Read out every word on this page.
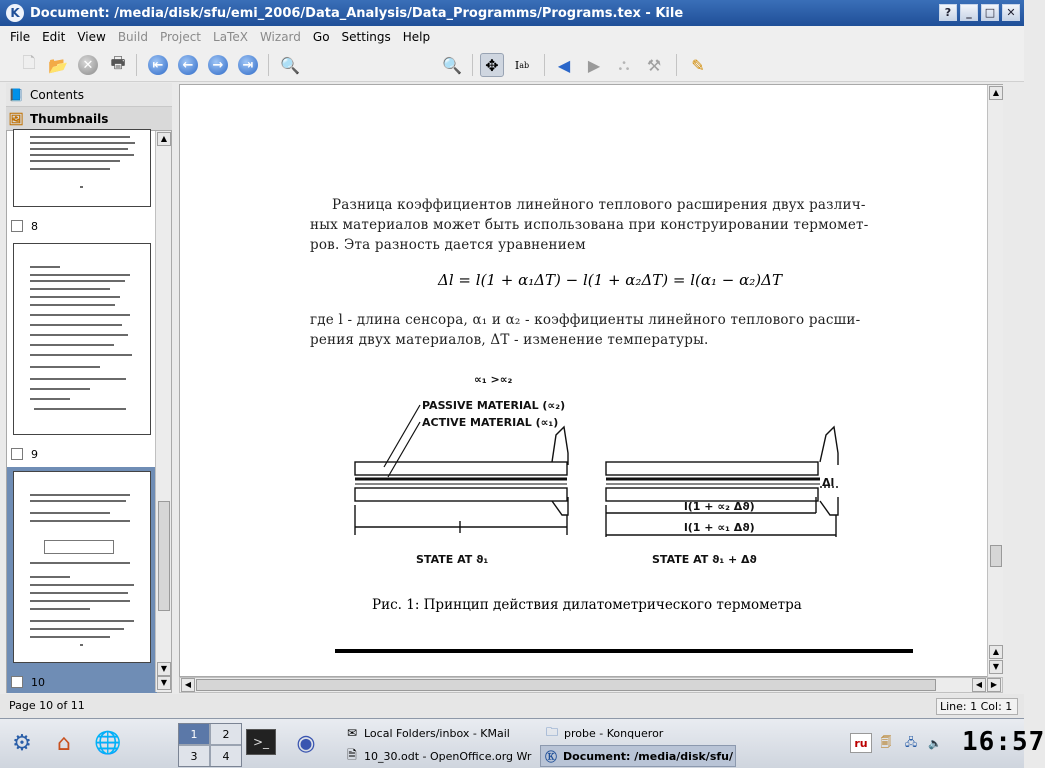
K Document: /media/disk/sfu/emi_2006/Data_Analysis/Data_Programms/Programs.tex - Kile	?	_	□	✕
File	Edit	View	Build	Project	LaTeX	Wizard	Go	Settings	Help
🗋 📂	✕ 🖶	⇤	←	→	⇥ 🔍	🔍	✥	I ab	◀	▶	⛬	⚒	✎
📘 Contents
🖼 Thumbnails
8
9
10
▲
▼
▼
Разница коэффициентов линейного теплового расширения двух различ-
ных материалов может быть использована при конструировании термомет-
ров. Эта разность дается уравнением
Δl = l(1 + α₁ΔT) − l(1 + α₂ΔT) = l(α₁ − α₂)ΔT
где l - длина сенсора, α₁ и α₂ - коэффициенты линейного теплового расши-
рения двух материалов, ΔT - изменение температуры.
∝₁ >∝₂
PASSIVE MATERIAL (∝₂)
ACTIVE MATERIAL (∝₁)
Δl
l(1 + ∝₂ Δϑ)
l(1 + ∝₁ Δϑ)
STATE AT ϑ₁	STATE AT ϑ₁ + Δϑ
Рис. 1: Принцип действия дилатометрического термометра
▲
▲
▼
◀	◀	▶
Page 10 of 11	Line: 1 Col: 1
⚙	⌂	🌐	1	2
3	4
>_	◉	✉ Local Folders/inbox - KMail	🗀 probe - Konqueror
🗎 10_30.odt - OpenOffice.org Wr Ⓚ Document: /media/disk/sfu/
ru	🗐	🖧	🔈 16:57
